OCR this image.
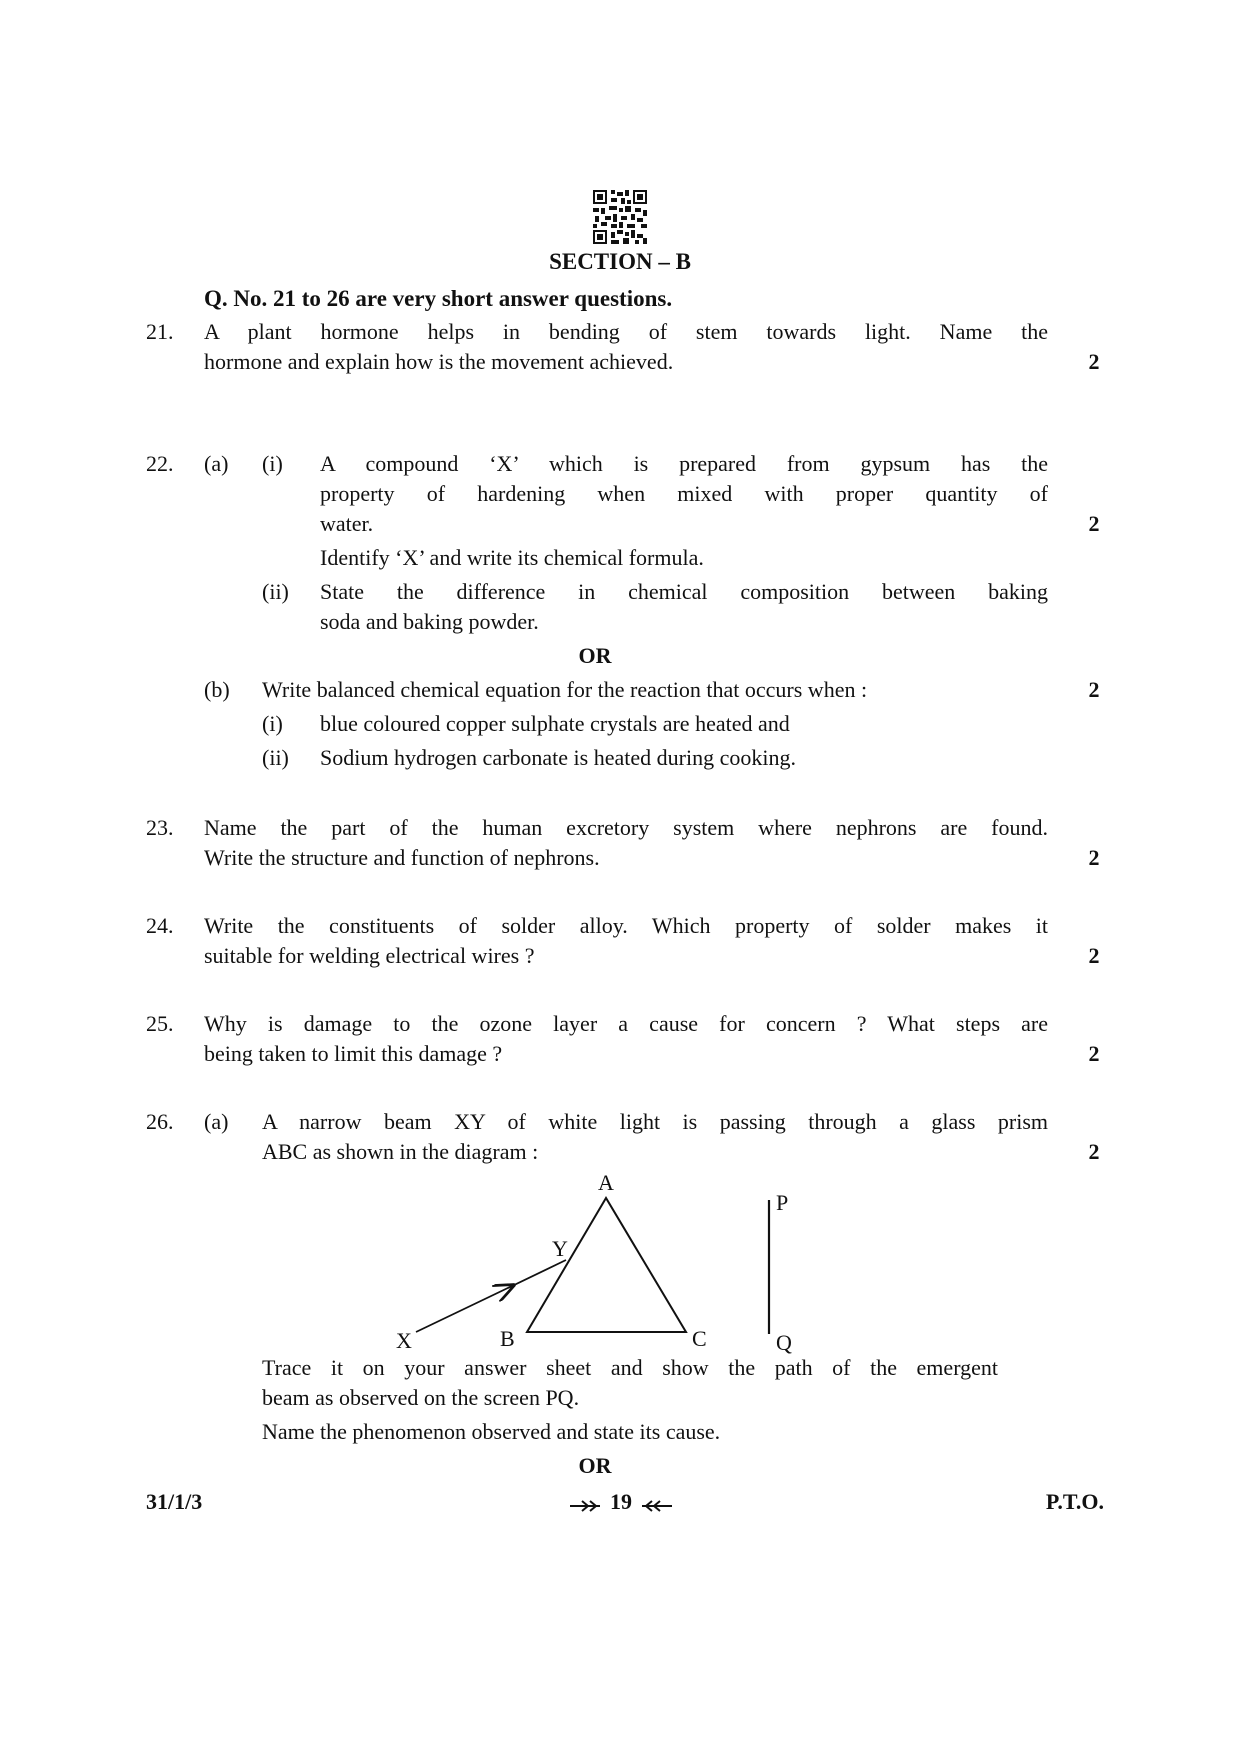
SECTION – B
Q. No. 21 to 26 are very short answer questions.
21. A plant hormone helps in bending of stem towards light. Name the
hormone and explain how is the movement achieved.	2
22. (a) (i) A compound ‘X’ which is prepared from gypsum has the
property of hardening when mixed with proper quantity of
water.	2
Identify ‘X’ and write its chemical formula.
(ii) State the difference in chemical composition between baking
soda and baking powder.
OR
(b) Write balanced chemical equation for the reaction that occurs when :	2
(i) blue coloured copper sulphate crystals are heated and
(ii) Sodium hydrogen carbonate is heated during cooking.
23. Name the part of the human excretory system where nephrons are found.
Write the structure and function of nephrons.	2
24. Write the constituents of solder alloy. Which property of solder makes it
suitable for welding electrical wires ?	2
25. Why is damage to the ozone layer a cause for concern ? What steps are
being taken to limit this damage ?	2
26. (a) A narrow beam XY of white light is passing through a glass prism
ABC as shown in the diagram :	2
A
Y
X	B	C
P
Q
Trace it on your answer sheet and show the path of the emergent
beam as observed on the screen PQ.
Name the phenomenon observed and state its cause.
OR
31/1/3	19	P.T.O.
